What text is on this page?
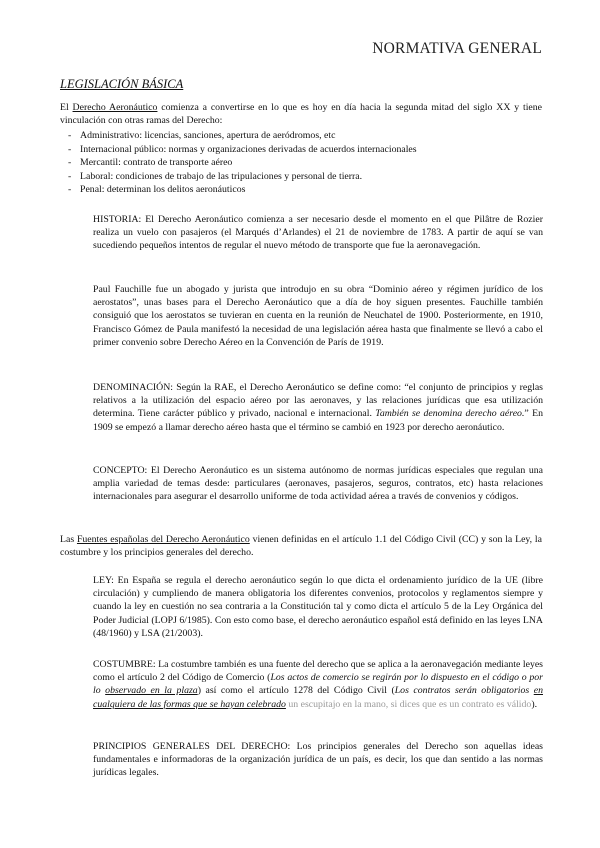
NORMATIVA GENERAL
LEGISLACIÓN BÁSICA
El Derecho Aeronáutico comienza a convertirse en lo que es hoy en día hacia la segunda mitad del siglo XX y tiene vinculación con otras ramas del Derecho:
- Administrativo: licencias, sanciones, apertura de aeródromos, etc
- Internacional público: normas y organizaciones derivadas de acuerdos internacionales
- Mercantil: contrato de transporte aéreo
- Laboral: condiciones de trabajo de las tripulaciones y personal de tierra.
- Penal: determinan los delitos aeronáuticos
HISTORIA: El Derecho Aeronáutico comienza a ser necesario desde el momento en el que Pilâtre de Rozier realiza un vuelo con pasajeros (el Marqués d’Arlandes) el 21 de noviembre de 1783. A partir de aquí se van sucediendo pequeños intentos de regular el nuevo método de transporte que fue la aeronavegación.
Paul Fauchille fue un abogado y jurista que introdujo en su obra “Dominio aéreo y régimen jurídico de los aerostatos”, unas bases para el Derecho Aeronáutico que a día de hoy siguen presentes. Fauchille también consiguió que los aerostatos se tuvieran en cuenta en la reunión de Neuchatel de 1900. Posteriormente, en 1910, Francisco Gómez de Paula manifestó la necesidad de una legislación aérea hasta que finalmente se llevó a cabo el primer convenio sobre Derecho Aéreo en la Convención de París de 1919.
DENOMINACIÓN: Según la RAE, el Derecho Aeronáutico se define como: “el conjunto de principios y reglas relativos a la utilización del espacio aéreo por las aeronaves, y las relaciones jurídicas que esa utilización determina. Tiene carácter público y privado, nacional e internacional. También se denomina derecho aéreo.” En 1909 se empezó a llamar derecho aéreo hasta que el término se cambió en 1923 por derecho aeronáutico.
CONCEPTO: El Derecho Aeronáutico es un sistema autónomo de normas jurídicas especiales que regulan una amplia variedad de temas desde: particulares (aeronaves, pasajeros, seguros, contratos, etc) hasta relaciones internacionales para asegurar el desarrollo uniforme de toda actividad aérea a través de convenios y códigos.
Las Fuentes españolas del Derecho Aeronáutico vienen definidas en el artículo 1.1 del Código Civil (CC) y son la Ley, la costumbre y los principios generales del derecho.
LEY: En España se regula el derecho aeronáutico según lo que dicta el ordenamiento jurídico de la UE (libre circulación) y cumpliendo de manera obligatoria los diferentes convenios, protocolos y reglamentos siempre y cuando la ley en cuestión no sea contraria a la Constitución tal y como dicta el artículo 5 de la Ley Orgánica del Poder Judicial (LOPJ 6/1985). Con esto como base, el derecho aeronáutico español está definido en las leyes LNA (48/1960) y LSA (21/2003).
COSTUMBRE: La costumbre también es una fuente del derecho que se aplica a la aeronavegación mediante leyes como el artículo 2 del Código de Comercio (Los actos de comercio se regirán por lo dispuesto en el código o por lo observado en la plaza) así como el artículo 1278 del Código Civil (Los contratos serán obligatorios en cualquiera de las formas que se hayan celebrado un escupitajo en la mano, si dices que es un contrato es válido).
PRINCIPIOS GENERALES DEL DERECHO: Los principios generales del Derecho son aquellas ideas fundamentales e informadoras de la organización jurídica de un país, es decir, los que dan sentido a las normas jurídicas legales.
